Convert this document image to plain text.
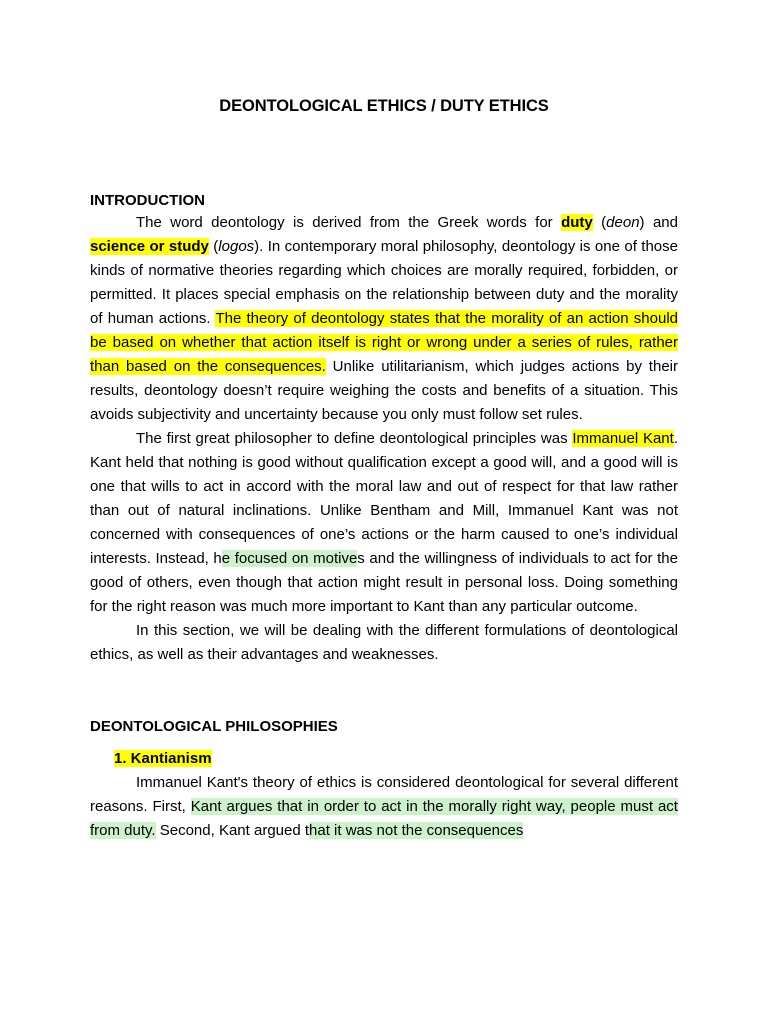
DEONTOLOGICAL ETHICS / DUTY ETHICS
INTRODUCTION

The word deontology is derived from the Greek words for duty (deon) and science or study (logos). In contemporary moral philosophy, deontology is one of those kinds of normative theories regarding which choices are morally required, forbidden, or permitted. It places special emphasis on the relationship between duty and the morality of human actions. The theory of deontology states that the morality of an action should be based on whether that action itself is right or wrong under a series of rules, rather than based on the consequences. Unlike utilitarianism, which judges actions by their results, deontology doesn’t require weighing the costs and benefits of a situation. This avoids subjectivity and uncertainty because you only must follow set rules.

The first great philosopher to define deontological principles was Immanuel Kant. Kant held that nothing is good without qualification except a good will, and a good will is one that wills to act in accord with the moral law and out of respect for that law rather than out of natural inclinations. Unlike Bentham and Mill, Immanuel Kant was not concerned with consequences of one’s actions or the harm caused to one’s individual interests. Instead, he focused on motives and the willingness of individuals to act for the good of others, even though that action might result in personal loss. Doing something for the right reason was much more important to Kant than any particular outcome.

In this section, we will be dealing with the different formulations of deontological ethics, as well as their advantages and weaknesses.

DEONTOLOGICAL PHILOSOPHIES
1. Kantianism

Immanuel Kant's theory of ethics is considered deontological for several different reasons. First, Kant argues that in order to act in the morally right way, people must act from duty. Second, Kant argued that it was not the consequences
